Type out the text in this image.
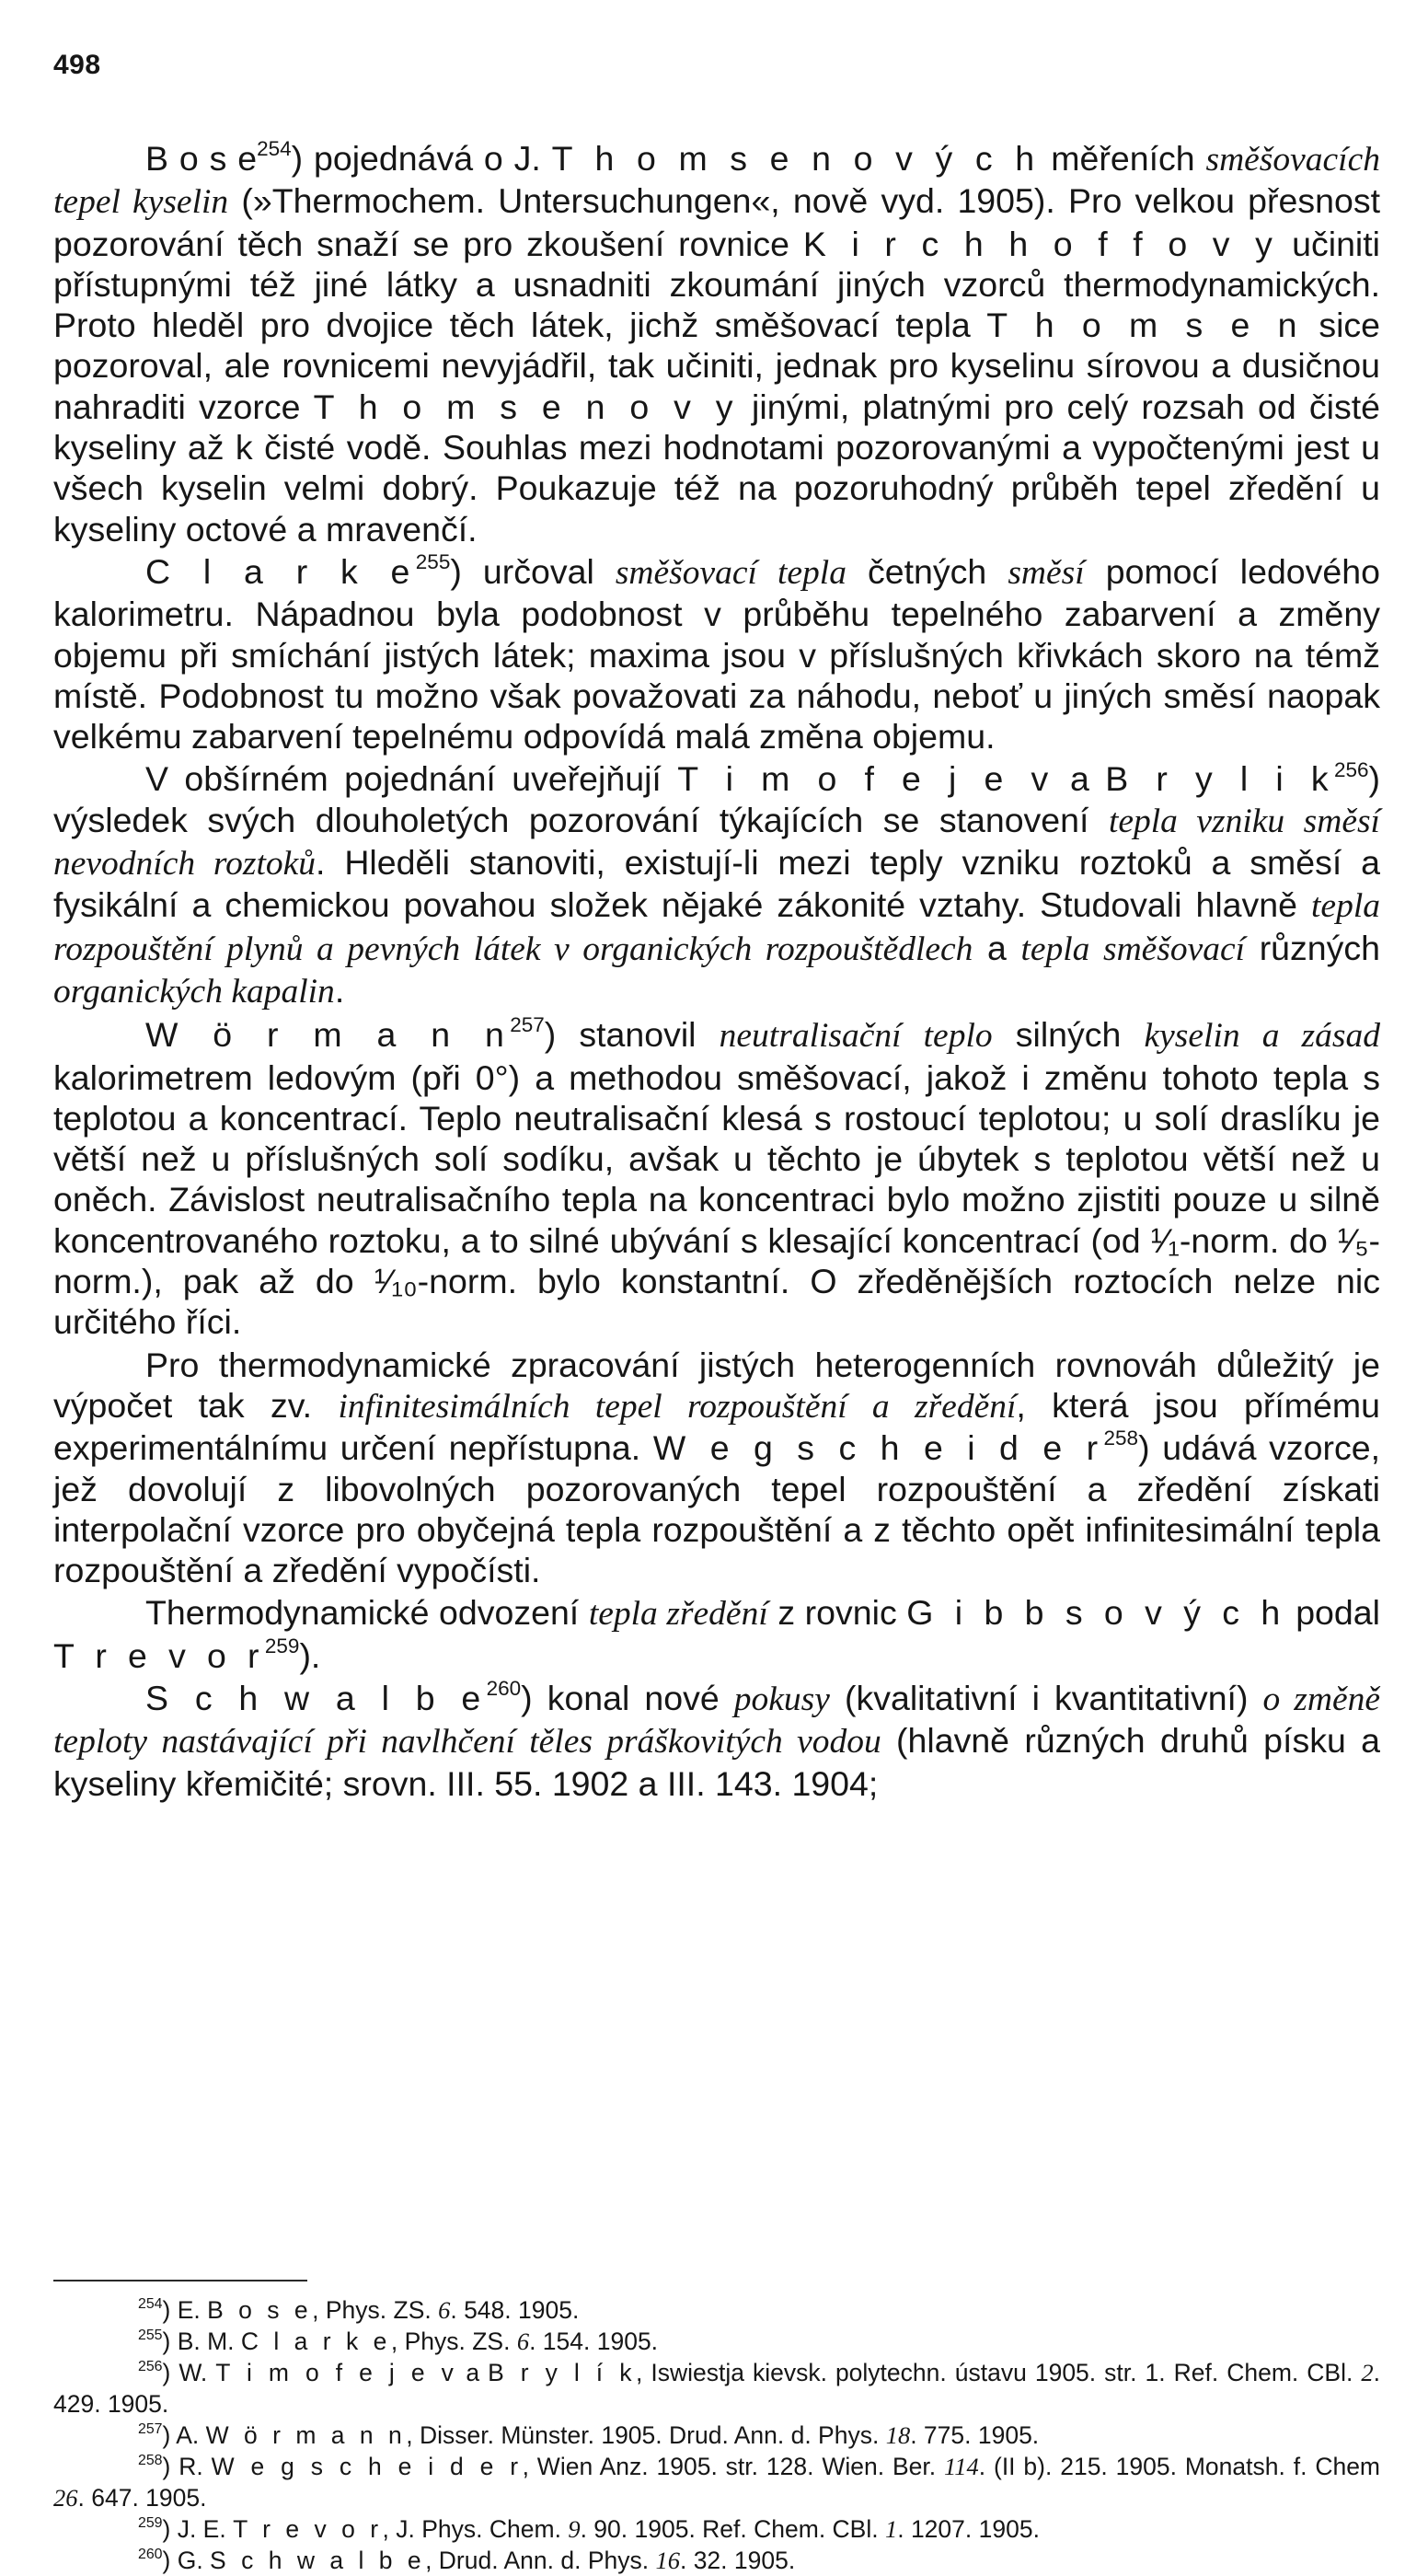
498

B o s $e^{254}$) pojednává o J. T h o m s e n o v ý c h měřeních směšovacích tepel kyselin (»Thermochem. Untersuchungen«, nově vyd. 1905). Pro velkou přesnost pozorování těch snaží se pro zkoušení rovnice K i r c h h o f f o v y učiniti přístupnými též jiné látky a usnadniti zkoumání jiných vzorců thermodynamických. Proto hleděl pro dvojice těch látek, jichž směšovací tepla T h o m s e n sice pozoroval, ale rovnicemi nevyjádřil, tak učiniti, jednak pro kyselinu sírovou a dusičnou nahraditi vzorce T h o m s e n o v y jinými, platnými pro celý rozsah od čisté kyseliny až k čisté vodě. Souhlas mezi hodnotami pozorovanými a vypočtenými jest u všech kyselin velmi dobrý. Poukazuje též na pozoruhodný průběh tepel zředění u kyseliny octové a mravenčí.

C l a r k $e^{255}$) určoval směšovací tepla četných směsí pomocí ledového kalorimetru. Nápadnou byla podobnost v průběhu tepelného zabarvení a změny objemu při smíchání jistých látek; maxima jsou v příslušných křivkách skoro na témž místě. Podobnost tu možno však považovati za náhodu, neboť u jiných směsí naopak velkému zabarvení tepelnému odpovídá malá změna objemu.

V obšírném pojednání uveřejňují T i m o f e j e v a B r y l i $k^{256}$) výsledek svých dlouholetých pozorování týkajících se stanovení tepla vzniku směsí nevodních roztoků. Hleděli stanoviti, existují-li mezi teply vzniku roztoků a směsí a fysikální a chemickou povahou složek nějaké zákonité vztahy. Studovali hlavně tepla rozpouštění plynů a pevných látek v organických rozpouštědlech a tepla směšovací různých organických kapalin.

W ö r m a n $n^{257}$) stanovil neutralisační teplo silných kyselin a zásad kalorimetrem ledovým (při 0°) a methodou směšovací, jakož i změnu tohoto tepla s teplotou a koncentrací. Teplo neutralisační klesá s rostoucí teplotou; u solí draslíku je větší než u příslušných solí sodíku, avšak u těchto je úbytek s teplotou větší než u oněch. Závislost neutralisačního tepla na koncentraci bylo možno zjistiti pouze u silně koncentrovaného roztoku, a to silné ubývání s klesající koncentrací (od ¹⁄₁-norm. do ¹⁄₅-norm.), pak až do ¹⁄₁₀-norm. bylo konstantní. O zředěnějších roztocích nelze nic určitého říci.

Pro thermodynamické zpracování jistých heterogenních rovnováh důležitý je výpočet tak zv. infinitesimálních tepel rozpouštění a zředění, která jsou přímému experimentálnímu určení nepřístupna. W e g s c h e i d e $r^{258}$) udává vzorce, jež dovolují z libovolných pozorovaných tepel rozpouštění a zředění získati interpolační vzorce pro obyčejná tepla rozpouštění a z těchto opět infinitesimální tepla rozpouštění a zředění vypočísti.

Thermodynamické odvození tepla zředění z rovnic G i b b s o v ý c h podal T r e v o $r^{259}$).

S c h w a l b $e^{260}$) konal nové pokusy (kvalitativní i kvantitativní) o změně teploty nastávající při navlhčení těles práškovitých vodou (hlavně různých druhů písku a kyseliny křemičité; srovn. III. 55. 1902 a III. 143. 1904;

$^{254}$) E. B o s e, Phys. ZS. 6. 548. 1905.

$^{255}$) B. M. C l a r k e, Phys. ZS. 6. 154. 1905.

$^{256}$) W. T i m o f e j e v a B r y l í k, Iswiestja kievsk. polytechn. ústavu 1905. str. 1. Ref. Chem. CBl. 2. 429. 1905.

$^{257}$) A. W ö r m a n n, Disser. Münster. 1905. Drud. Ann. d. Phys. 18. 775. 1905.

$^{258}$) R. W e g s c h e i d e r, Wien Anz. 1905. str. 128. Wien. Ber. 114. (II b). 215. 1905. Monatsh. f. Chem 26. 647. 1905.

$^{259}$) J. E. T r e v o r, J. Phys. Chem. 9. 90. 1905. Ref. Chem. CBl. 1. 1207. 1905.

$^{260}$) G. S c h w a l b e, Drud. Ann. d. Phys. 16. 32. 1905.
